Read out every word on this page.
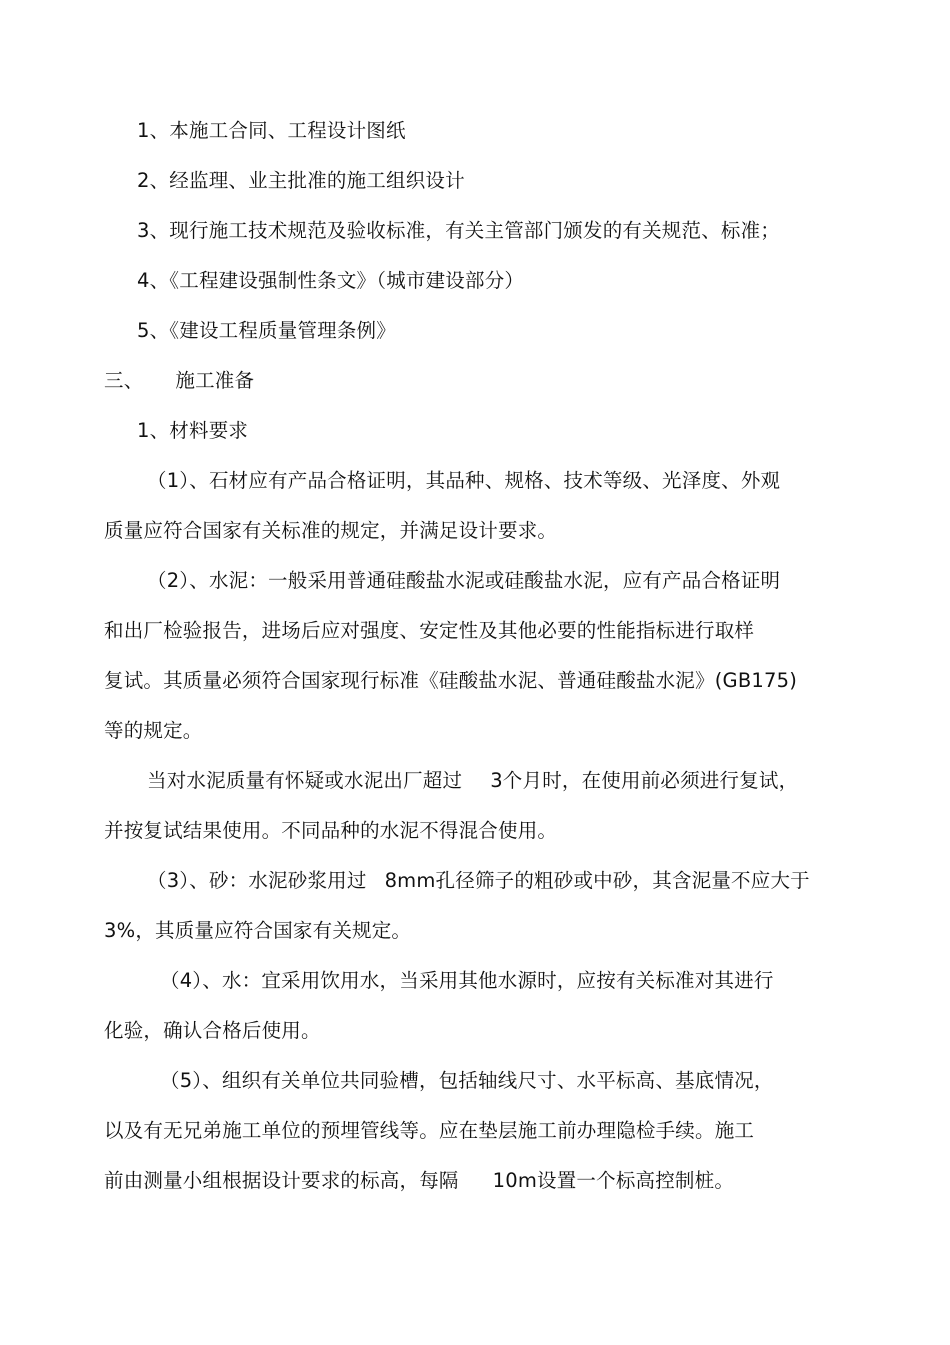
1、本施工合同、工程设计图纸
2、经监理、业主批准的施工组织设计
3、现行施工技术规范及验收标准，有关主管部门颁发的有关规范、标准；
4、《工程建设强制性条文》（城市建设部分）
5、《建设工程质量管理条例》
三、 施工准备
1、材料要求
（1）、石材应有产品合格证明，其品种、规格、技术等级、光泽度、外观
质量应符合国家有关标准的规定，并满足设计要求。
（2）、水泥：一般采用普通硅酸盐水泥或硅酸盐水泥，应有产品合格证明
和出厂检验报告，进场后应对强度、安定性及其他必要的性能指标进行取样
复试。其质量必须符合国家现行标准《硅酸盐水泥、普通硅酸盐水泥》(GB175)
等的规定。
当对水泥质量有怀疑或水泥出厂超过 3个月时，在使用前必须进行复试，
并按复试结果使用。不同品种的水泥不得混合使用。
（3）、砂：水泥砂浆用过 8mm孔径筛子的粗砂或中砂，其含泥量不应大于
3%，其质量应符合国家有关规定。
（4）、水：宜采用饮用水，当采用其他水源时，应按有关标准对其进行
化验，确认合格后使用。
（5）、组织有关单位共同验槽，包括轴线尺寸、水平标高、基底情况，
以及有无兄弟施工单位的预埋管线等。应在垫层施工前办理隐检手续。施工
前由测量小组根据设计要求的标高，每隔 10m设置一个标高控制桩。
